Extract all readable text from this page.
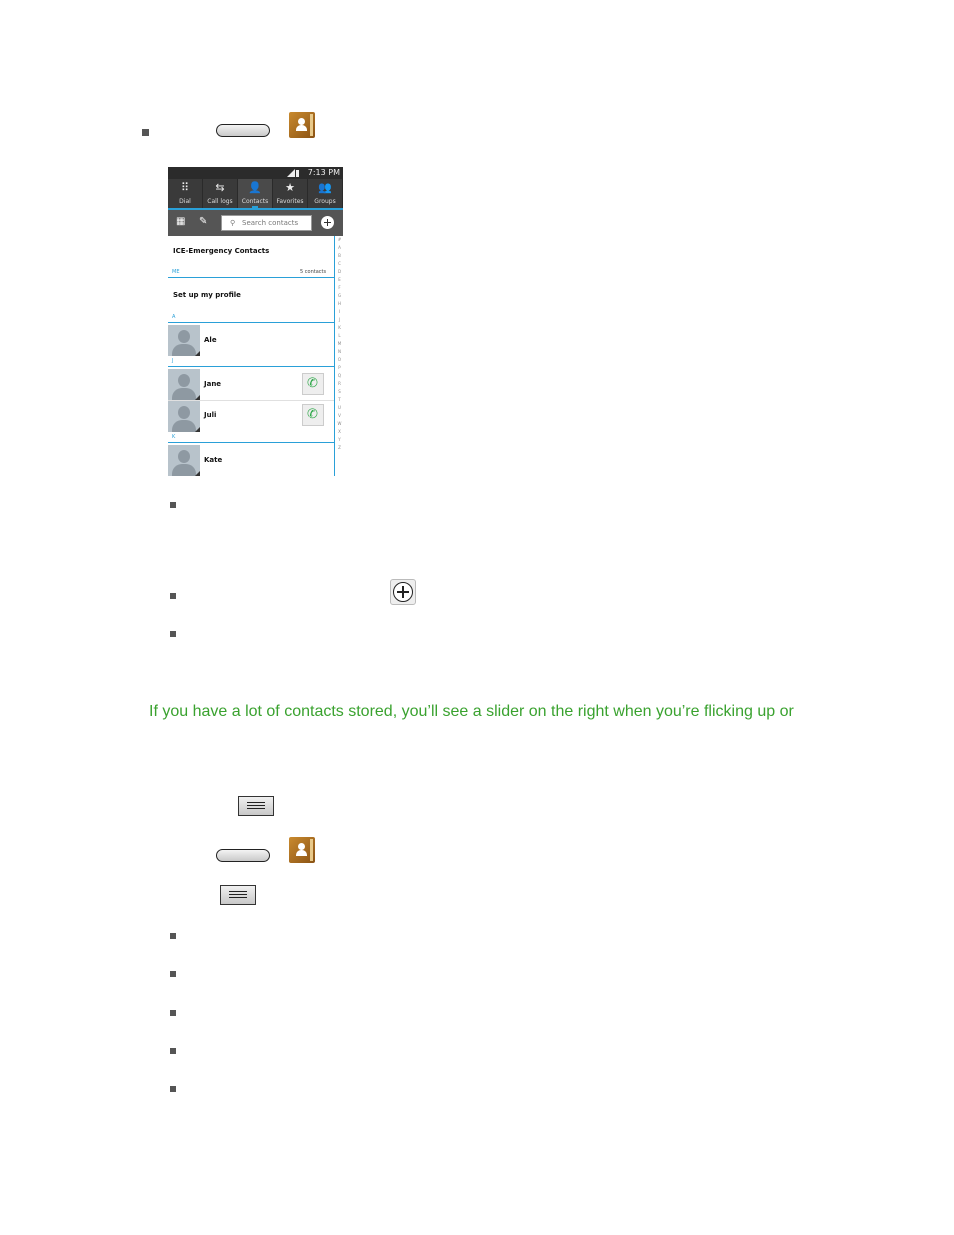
7:13 PM
⠿
Dial
⇆
Call logs
👤
Contacts
★
Favorites
👥
Groups
▦ ✎	⚲ Search contacts
ICE-Emergency Contacts
ME	5 contacts
Set up my profile
A
Ale
J
Jane	✆
Juli	✆
K
Kate
#
A
B
C
D
E
F
G
H
I
J
K
L
M
N
O
P
Q
R
S
T
U
V
W
X
Y
Z
If you have a lot of contacts stored, you’ll see a slider on the right when you’re flicking up or
